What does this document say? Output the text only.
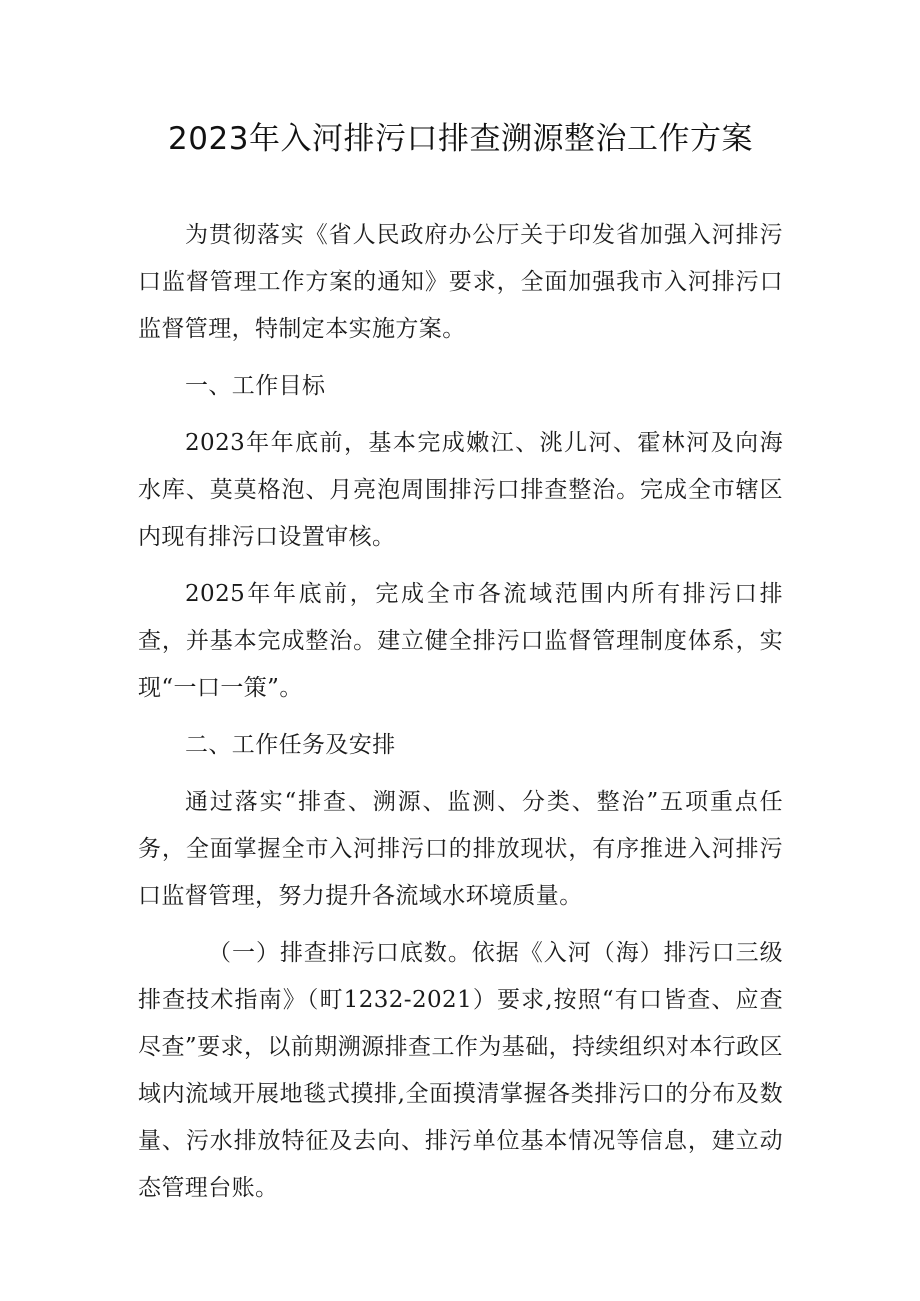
2023年入河排污口排查溯源整治工作方案

为贯彻落实《省人民政府办公厅关于印发省加强入河排污口监督管理工作方案的通知》要求，全面加强我市入河排污口监督管理，特制定本实施方案。

一、工作目标

2023年年底前，基本完成嫩江、洮儿河、霍林河及向海水库、莫莫格泡、月亮泡周围排污口排查整治。完成全市辖区内现有排污口设置审核。

2025年年底前，完成全市各流域范围内所有排污口排查，并基本完成整治。建立健全排污口监督管理制度体系，实现“一口一策”。

二、工作任务及安排

通过落实“排查、溯源、监测、分类、整治”五项重点任务，全面掌握全市入河排污口的排放现状，有序推进入河排污口监督管理，努力提升各流域水环境质量。

（一）排查排污口底数。依据《入河（海）排污口三级排查技术指南》（町1232-2021）要求,按照“有口皆查、应查尽查”要求，以前期溯源排查工作为基础，持续组织对本行政区域内流域开展地毯式摸排,全面摸清掌握各类排污口的分布及数量、污水排放特征及去向、排污单位基本情况等信息，建立动态管理台账。
